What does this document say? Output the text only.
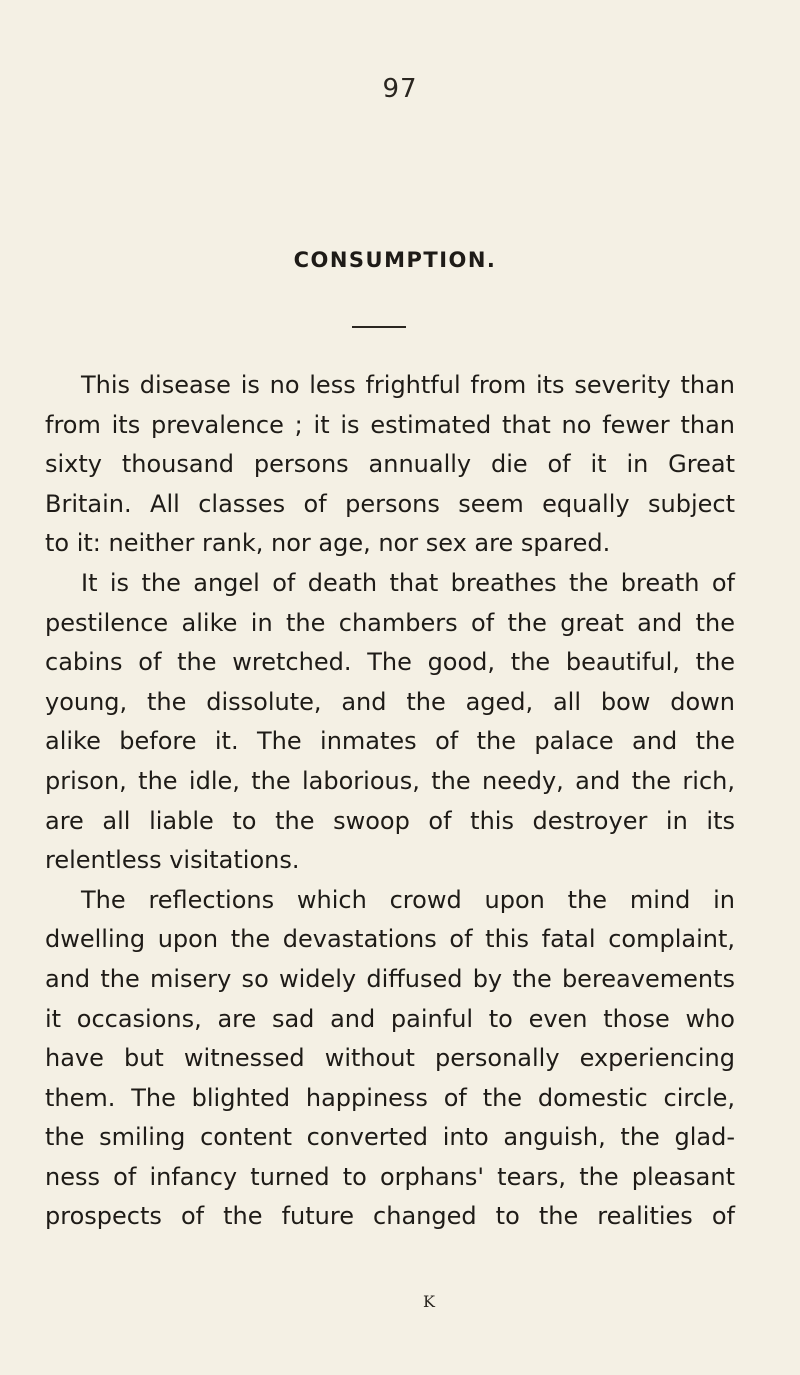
97
CONSUMPTION.
This disease is no less frightful from its severity than
from its prevalence ; it is estimated that no fewer than
sixty thousand persons annually die of it in Great
Britain. All classes of persons seem equally subject
to it: neither rank, nor age, nor sex are spared.
It is the angel of death that breathes the breath of
pestilence alike in the chambers of the great and the
cabins of the wretched. The good, the beautiful, the
young, the dissolute, and the aged, all bow down
alike before it. The inmates of the palace and the
prison, the idle, the laborious, the needy, and the rich,
are all liable to the swoop of this destroyer in its
relentless visitations.
The reflections which crowd upon the mind in
dwelling upon the devastations of this fatal complaint,
and the misery so widely diffused by the bereavements
it occasions, are sad and painful to even those who
have but witnessed without personally experiencing
them. The blighted happiness of the domestic circle,
the smiling content converted into anguish, the glad-
ness of infancy turned to orphans' tears, the pleasant
prospects of the future changed to the realities of
K
